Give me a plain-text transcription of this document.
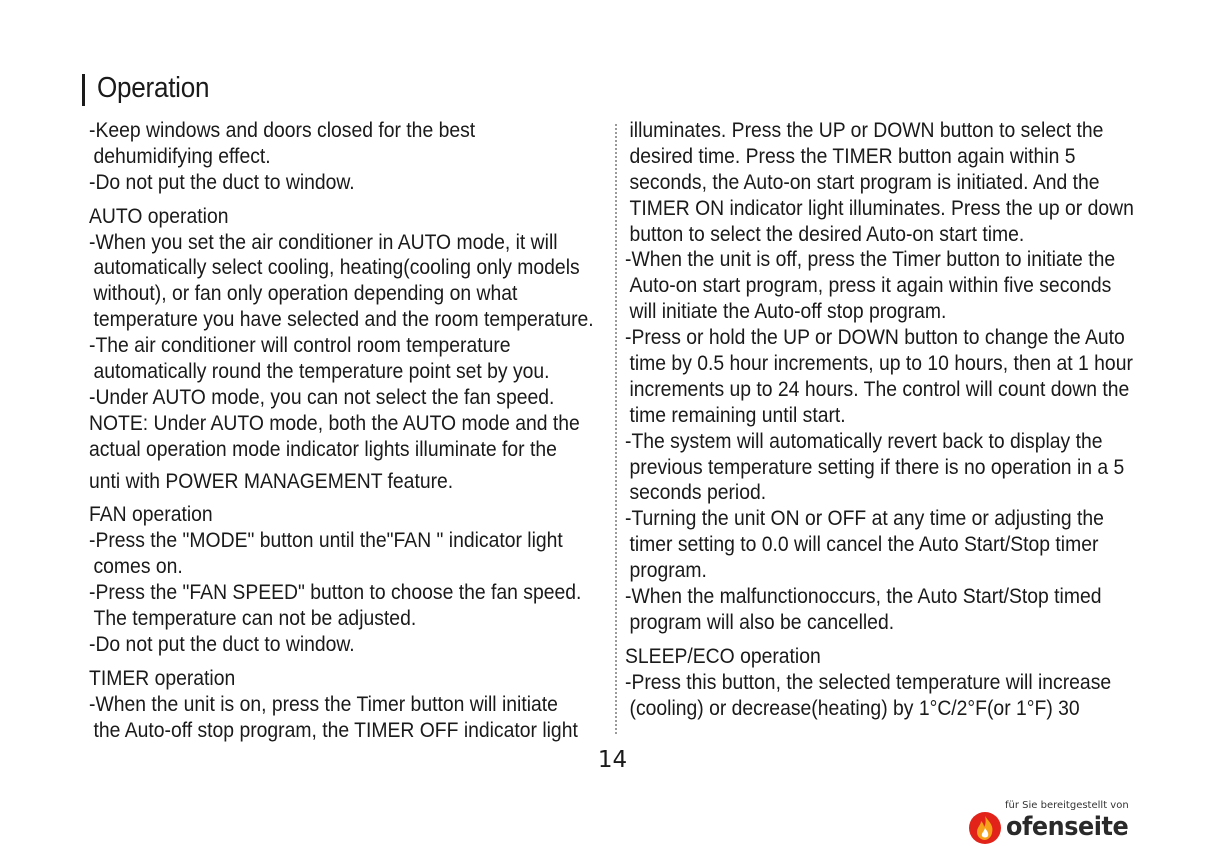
Operation
-Keep windows and doors closed for the best
dehumidifying effect.
-Do not put the duct to window.
AUTO operation
-When you set the air conditioner in AUTO mode, it will
automatically select cooling, heating(cooling only models
without), or fan only operation depending on what
temperature you have selected and the room temperature.
-The air conditioner will control room temperature
automatically round the temperature point set by you.
-Under AUTO mode, you can not select the fan speed.
NOTE: Under AUTO mode, both the AUTO mode and the
actual operation mode indicator lights illuminate for the
unti with POWER MANAGEMENT feature.
FAN operation
-Press the "MODE" button until the"FAN " indicator light
comes on.
-Press the "FAN SPEED" button to choose the fan speed.
The temperature can not be adjusted.
-Do not put the duct to window.
TIMER operation
-When the unit is on, press the Timer button will initiate
the Auto-off stop program, the TIMER OFF indicator light
illuminates. Press the UP or DOWN button to select the
desired time. Press the TIMER button again within 5
seconds, the Auto-on start program is initiated. And the
TIMER ON indicator light illuminates. Press the up or down
button to select the desired Auto-on start time.
-When the unit is off, press the Timer button to initiate the
Auto-on start program, press it again within five seconds
will initiate the Auto-off stop program.
-Press or hold the UP or DOWN button to change the Auto
time by 0.5 hour increments, up to 10 hours, then at 1 hour
increments up to 24 hours. The control will count down the
time remaining until start.
-The system will automatically revert back to display the
previous temperature setting if there is no operation in a 5
seconds period.
-Turning the unit ON or OFF at any time or adjusting the
timer setting to 0.0 will cancel the Auto Start/Stop timer
program.
-When the malfunctionoccurs, the Auto Start/Stop timed
program will also be cancelled.
SLEEP/ECO operation
-Press this button, the selected temperature will increase
(cooling) or decrease(heating) by 1°C/2°F(or 1°F) 30
14
für Sie bereitgestellt von
ofenseite
